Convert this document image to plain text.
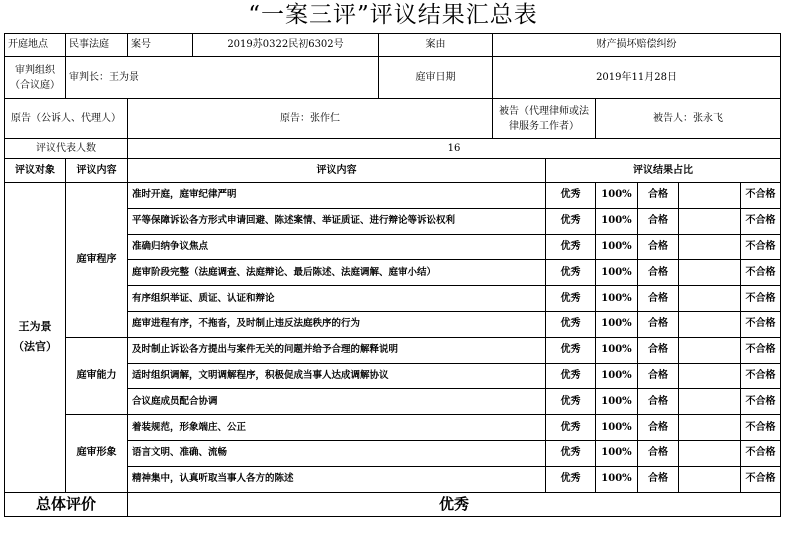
“一案三评”评议结果汇总表
开庭地点	民事法庭	案号	2019苏0322民初6302号	案由	财产损坏赔偿纠纷						
审判组织（合议庭）	审判长：王为景			庭审日期	2019年11月28日						
原告（公诉人、代理人）		原告：张作仁			被告（代理律师或法律服务工作者）		被告人：张永飞				
评议代表人数		16									
评议对象	评议内容	评议内容				评议结果占比					

王为景
（法官）	庭审程序	准时开庭，庭审纪律严明				优秀	100%	合格		不合格	
		平等保障诉讼各方形式申请回避、陈述案情、举证质证、进行辩论等诉讼权利				优秀	100%	合格		不合格	
		准确归纳争议焦点				优秀	100%	合格		不合格	
		庭审阶段完整（法庭调查、法庭辩论、最后陈述、法庭调解、庭审小结）				优秀	100%	合格		不合格	
		有序组织举证、质证、认证和辩论				优秀	100%	合格		不合格	
		庭审进程有序，不拖沓，及时制止违反法庭秩序的行为				优秀	100%	合格		不合格	
	庭审能力	及时制止诉讼各方提出与案件无关的问题并给予合理的解释说明				优秀	100%	合格		不合格	
		适时组织调解，文明调解程序，积极促成当事人达成调解协议				优秀	100%	合格		不合格	
		合议庭成员配合协调				优秀	100%	合格		不合格	
	庭审形象	着装规范，形象端庄、公正				优秀	100%	合格		不合格	
		语言文明、准确、流畅				优秀	100%	合格		不合格	
		精神集中，认真听取当事人各方的陈述				优秀	100%	合格		不合格	
总体评价		优秀									
